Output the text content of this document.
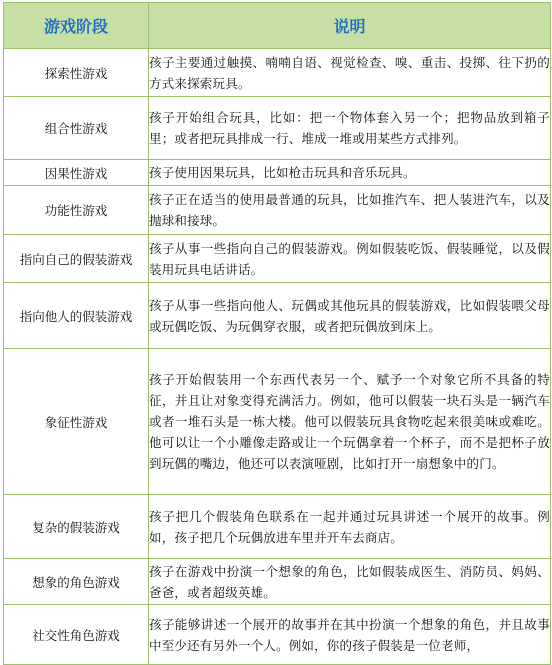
游戏阶段	说明
探索性游戏	孩子主要通过触摸、喃喃自语、视觉检查、嗅、重击、投掷、往下扔的方式来探索玩具。
组合性游戏	孩子开始组合玩具，比如：把一个物体套入另一个；把物品放到箱子里；或者把玩具排成一行、堆成一堆或用某些方式排列。
因果性游戏	孩子使用因果玩具，比如枪击玩具和音乐玩具。
功能性游戏	孩子正在适当的使用最普通的玩具，比如推汽车、把人装进汽车，以及抛球和接球。
指向自己的假装游戏	孩子从事一些指向自己的假装游戏。例如假装吃饭、假装睡觉，以及假装用玩具电话讲话。
指向他人的假装游戏	孩子从事一些指向他人、玩偶或其他玩具的假装游戏，比如假装喂父母或玩偶吃饭、为玩偶穿衣服，或者把玩偶放到床上。
象征性游戏	孩子开始假装用一个东西代表另一个、赋予一个对象它所不具备的特征，并且让对象变得充满活力。例如，他可以假装一块石头是一辆汽车或者一堆石头是一栋大楼。他可以假装玩具食物吃起来很美味或难吃。他可以让一个小雕像走路或让一个玩偶拿着一个杯子，而不是把杯子放到玩偶的嘴边，他还可以表演哑剧，比如打开一扇想象中的门。
复杂的假装游戏	孩子把几个假装角色联系在一起并通过玩具讲述一个展开的故事。例如，孩子把几个玩偶放进车里并开车去商店。
想象的角色游戏	孩子在游戏中扮演一个想象的角色，比如假装成医生、消防员、妈妈、爸爸，或者超级英雄。
社交性角色游戏	孩子能够讲述一个展开的故事并在其中扮演一个想象的角色，并且故事中至少还有另外一个人。例如，你的孩子假装是一位老师，
